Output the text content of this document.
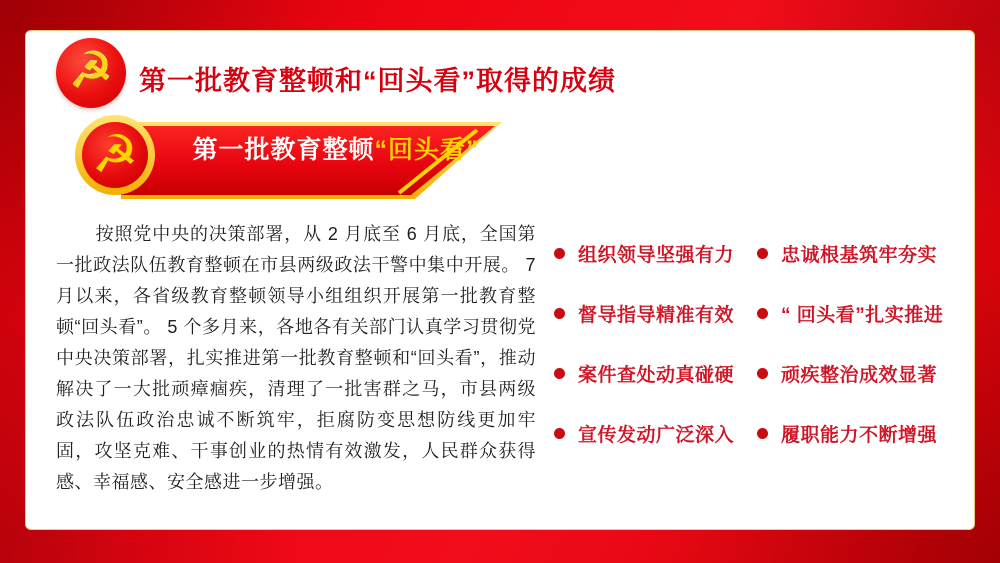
☭ 第一批教育整顿和“回头看”取得的成绩
☭	第一批教育整顿“回头看”

按照党中央的决策部署，从 2 月底至 6 月底，全国第一批政法队伍教育整顿在市县两级政法干警中集中开展。 7 月以来，各省级教育整顿领导小组组织开展第一批教育整顿“回头看”。 5 个多月来，各地各有关部门认真学习贯彻党中央决策部署，扎实推进第一批教育整顿和“回头看”，推动解决了一大批顽瘴痼疾，清理了一批害群之马，市县两级政法队伍政治忠诚不断筑牢，拒腐防变思想防线更加牢固，攻坚克难、干事创业的热情有效激发，人民群众获得感、幸福感、安全感进一步增强。

组织领导坚强有力 忠诚根基筑牢夯实
督导指导精准有效 “ 回头看”扎实推进
案件查处动真碰硬 顽疾整治成效显著
宣传发动广泛深入 履职能力不断增强
